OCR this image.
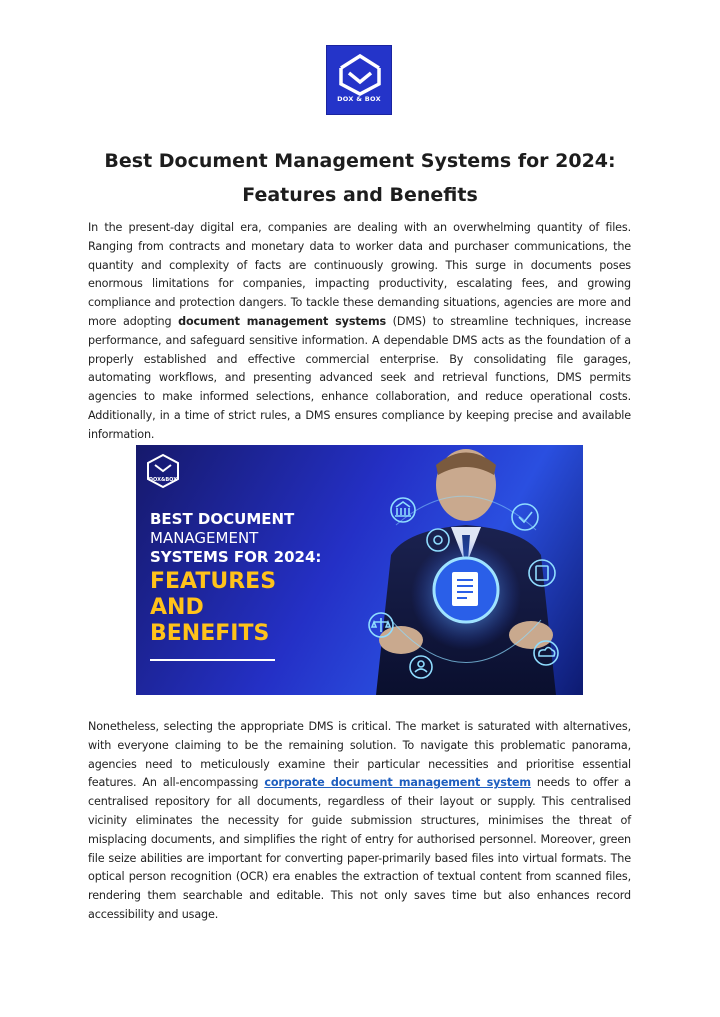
DOX & BOX
Best Document Management Systems for 2024:
Features and Benefits
In the present-day digital era, companies are dealing with an overwhelming quantity of files. Ranging from contracts and monetary data to worker data and purchaser communications, the quantity and complexity of facts are continuously growing. This surge in documents poses enormous limitations for companies, impacting productivity, escalating fees, and growing compliance and protection dangers. To tackle these demanding situations, agencies are more and more adopting document management systems (DMS) to streamline techniques, increase performance, and safeguard sensitive information. A dependable DMS acts as the foundation of a properly established and effective commercial enterprise. By consolidating file garages, automating workflows, and presenting advanced seek and retrieval functions, DMS permits agencies to make informed selections, enhance collaboration, and reduce operational costs. Additionally, in a time of strict rules, a DMS ensures compliance by keeping precise and available information.
DOX&BOX
BEST DOCUMENT
MANAGEMENT
SYSTEMS FOR 2024:
FEATURES
AND
BENEFITS
Nonetheless, selecting the appropriate DMS is critical. The market is saturated with alternatives, with everyone claiming to be the remaining solution. To navigate this problematic panorama, agencies need to meticulously examine their particular necessities and prioritise essential features. An all-encompassing corporate document management system needs to offer a centralised repository for all documents, regardless of their layout or supply. This centralised vicinity eliminates the necessity for guide submission structures, minimises the threat of misplacing documents, and simplifies the right of entry for authorised personnel. Moreover, green file seize abilities are important for converting paper-primarily based files into virtual formats. The optical person recognition (OCR) era enables the extraction of textual content from scanned files, rendering them searchable and editable. This not only saves time but also enhances record accessibility and usage.
